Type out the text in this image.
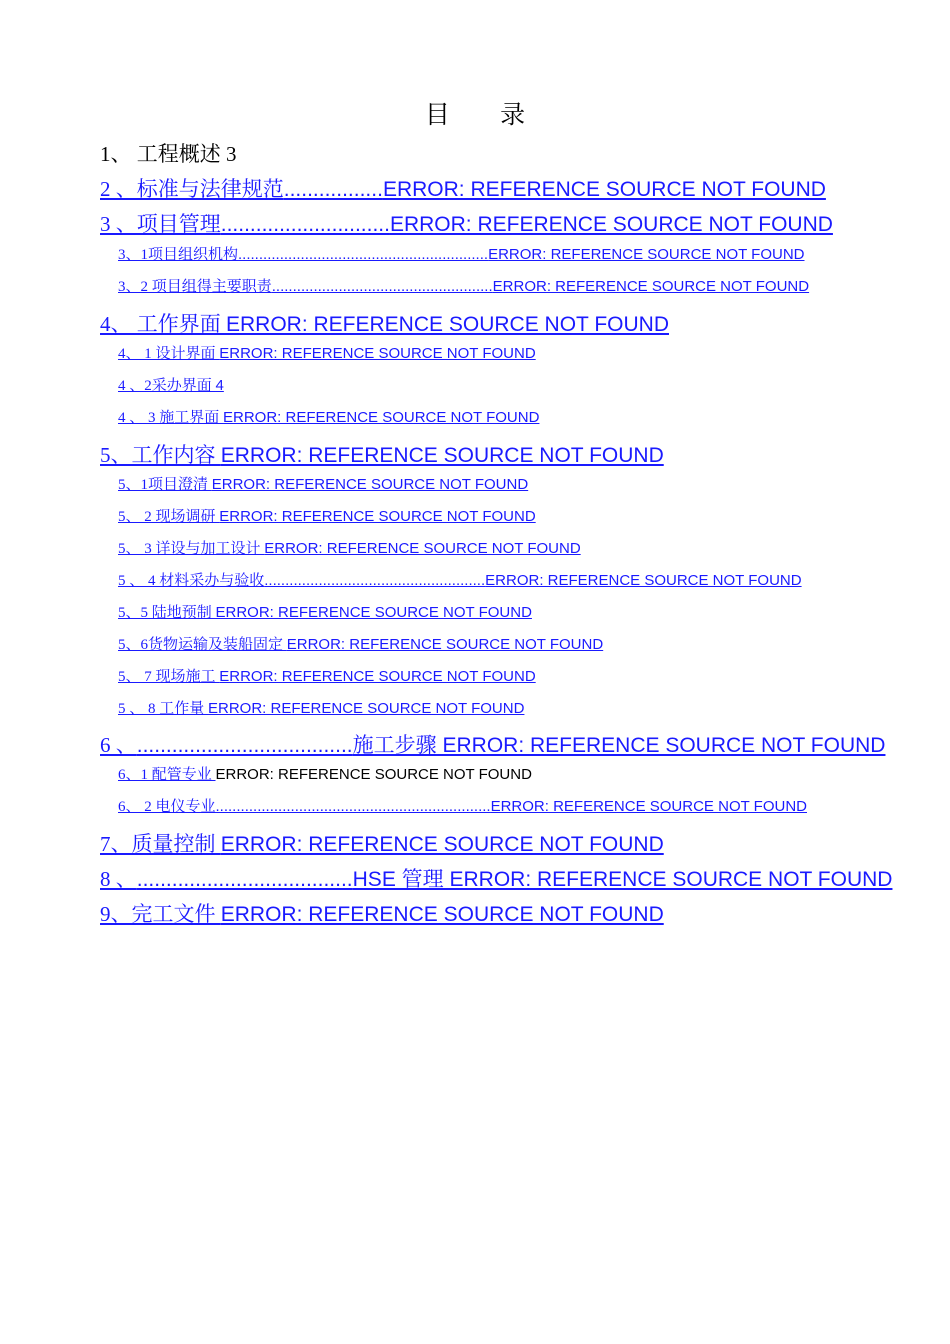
目 录
1、 工程概述 3
2 、标准与法律规范.................ERROR: REFERENCE SOURCE NOT FOUND
3 、项目管理.............................ERROR: REFERENCE SOURCE NOT FOUND
3、1项目组织机构............................................................ERROR: REFERENCE SOURCE NOT FOUND
3、2 项目组得主要职责.....................................................ERROR: REFERENCE SOURCE NOT FOUND
4、 工作界面 ERROR: REFERENCE SOURCE NOT FOUND
4、 1 设计界面 ERROR: REFERENCE SOURCE NOT FOUND
4 、2采办界面 4
4 、 3 施工界面 ERROR: REFERENCE SOURCE NOT FOUND
5、工作内容 ERROR: REFERENCE SOURCE NOT FOUND
5、1项目澄清 ERROR: REFERENCE SOURCE NOT FOUND
5、 2 现场调研 ERROR: REFERENCE SOURCE NOT FOUND
5、 3 详设与加工设计 ERROR: REFERENCE SOURCE NOT FOUND
5 、 4 材料采办与验收.....................................................ERROR: REFERENCE SOURCE NOT FOUND
5、5 陆地预制 ERROR: REFERENCE SOURCE NOT FOUND
5、6货物运输及装船固定 ERROR: REFERENCE SOURCE NOT FOUND
5、 7 现场施工 ERROR: REFERENCE SOURCE NOT FOUND
5 、 8 工作量 ERROR: REFERENCE SOURCE NOT FOUND
6 、.....................................施工步骤 ERROR: REFERENCE SOURCE NOT FOUND
6、1 配管专业 ERROR: REFERENCE SOURCE NOT FOUND
6、 2 电仪专业..................................................................ERROR: REFERENCE SOURCE NOT FOUND
7、质量控制 ERROR: REFERENCE SOURCE NOT FOUND
8 、.....................................HSE 管理 ERROR: REFERENCE SOURCE NOT FOUND
9、完工文件 ERROR: REFERENCE SOURCE NOT FOUND
